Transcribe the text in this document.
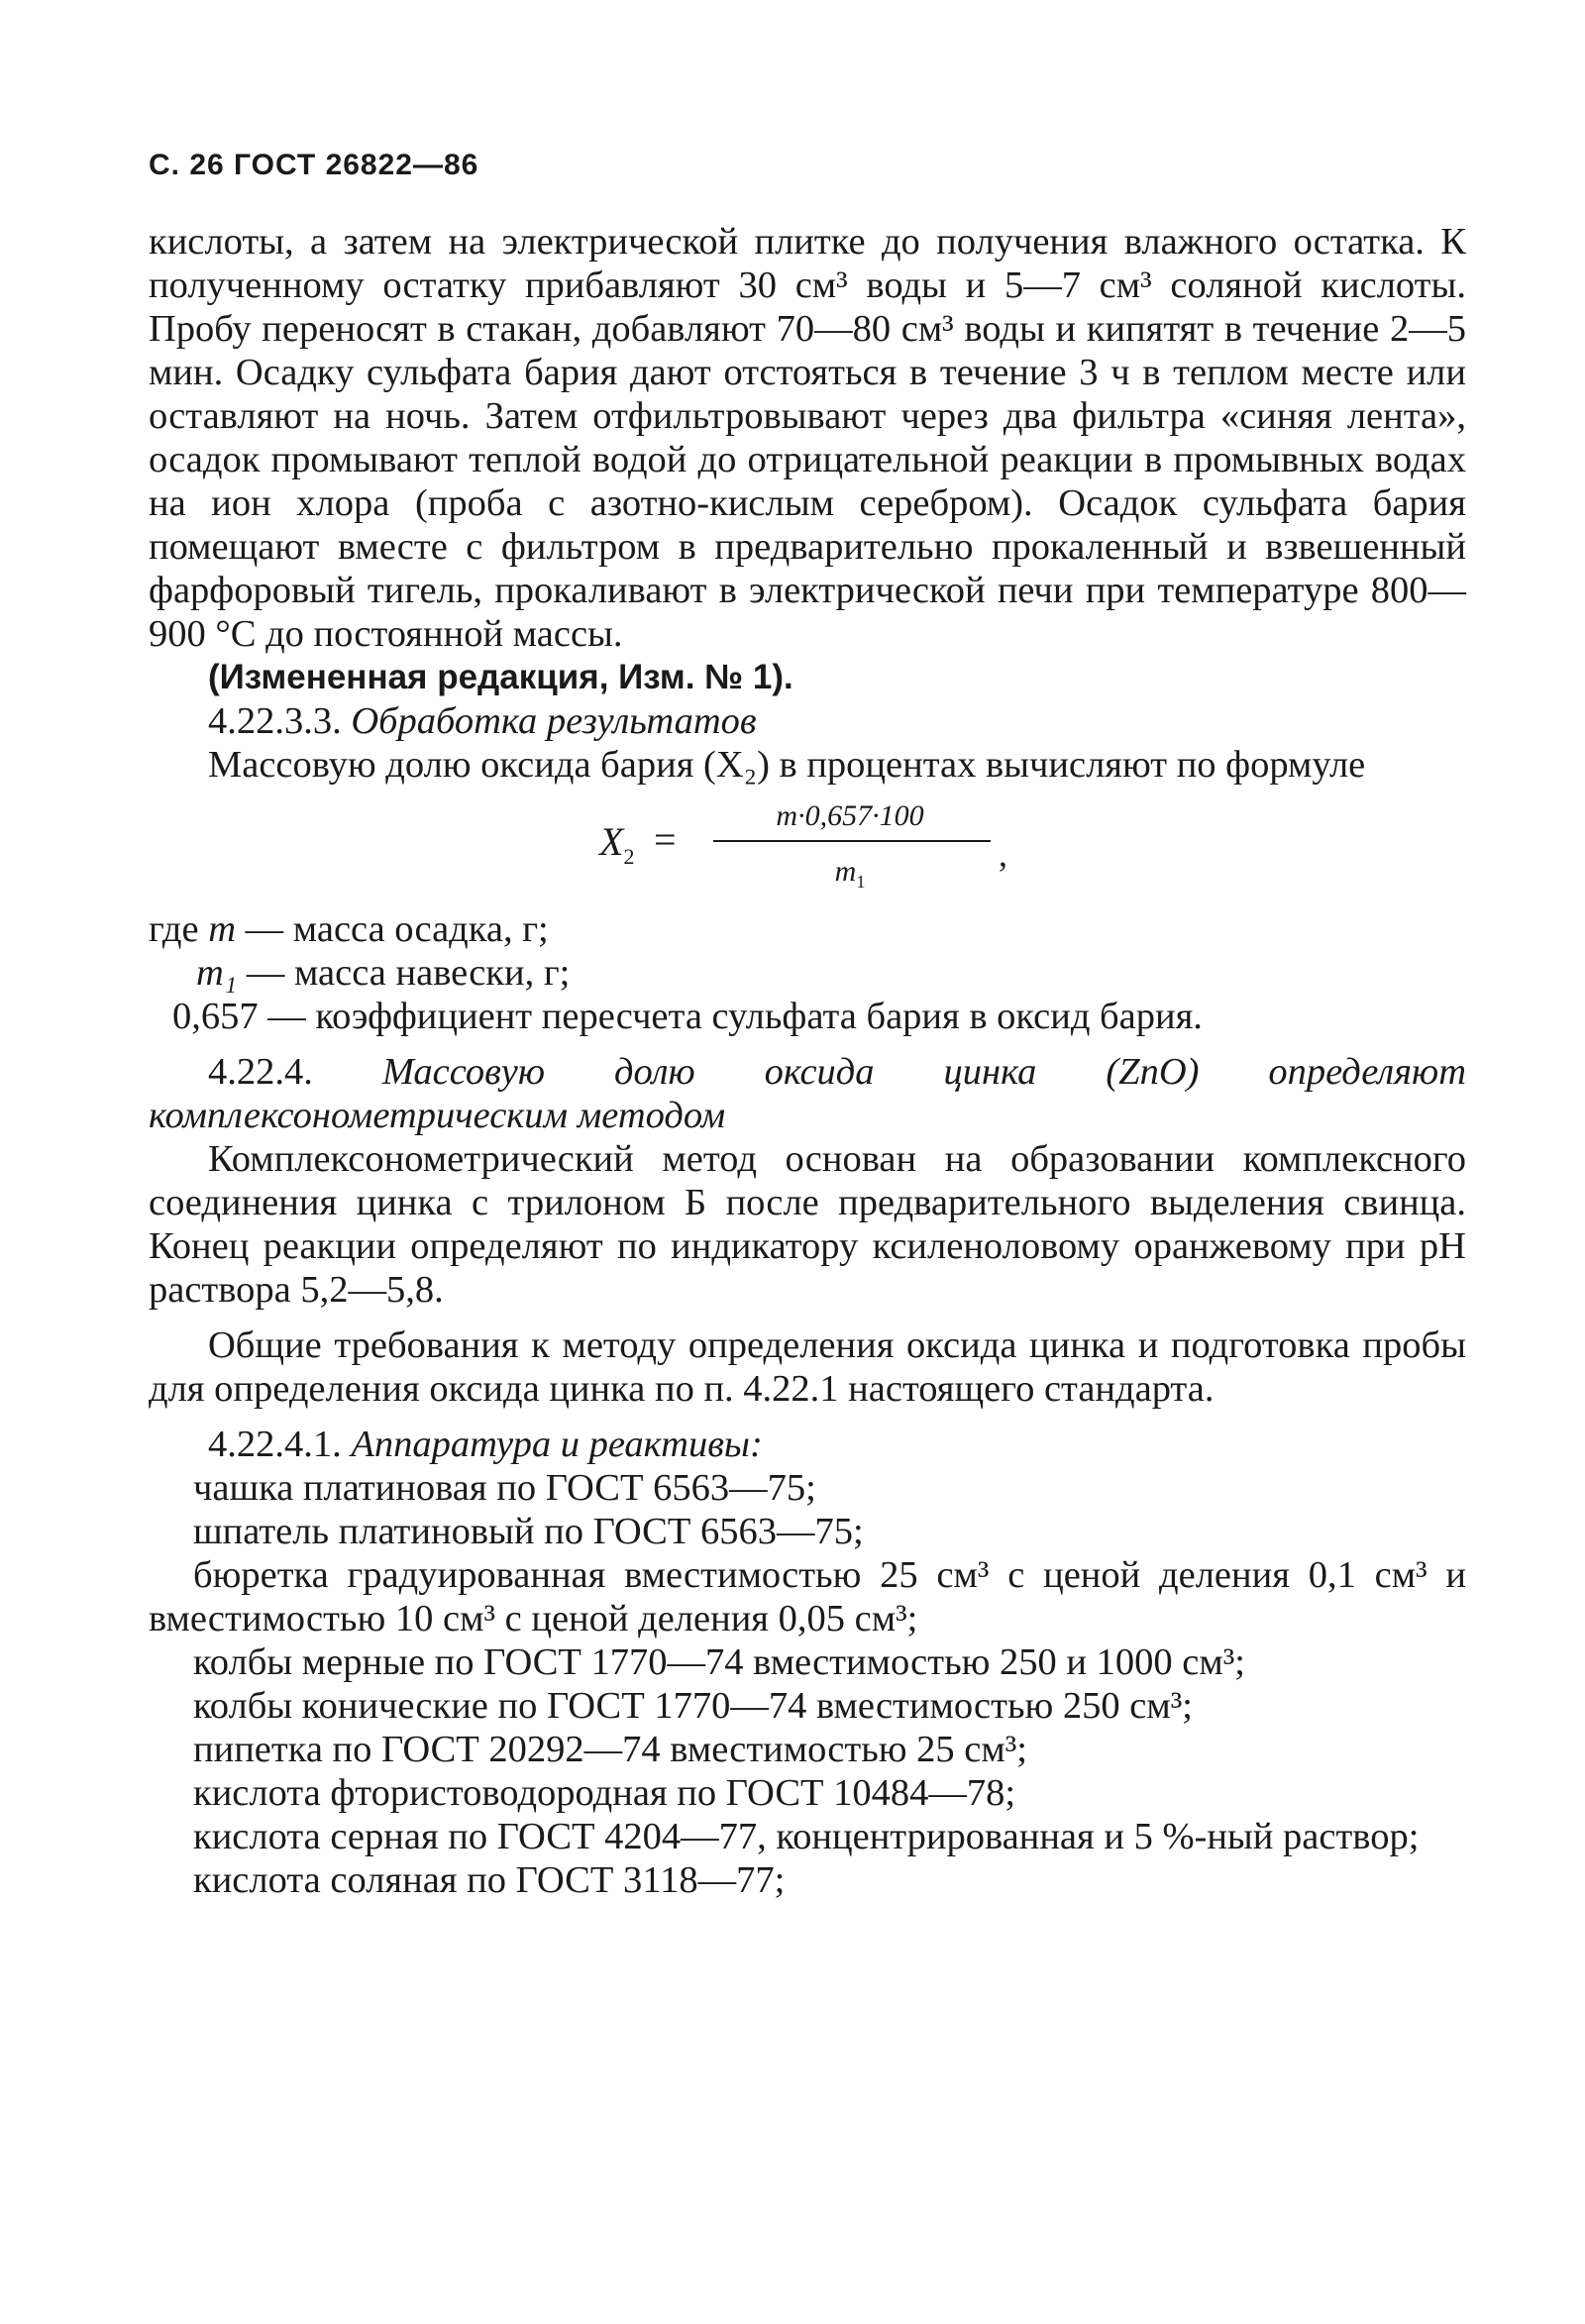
С. 26 ГОСТ 26822—86

кислоты, а затем на электрической плитке до получения влажного остатка. К полученному остатку прибавляют 30 см³ воды и 5—7 см³ соляной кислоты. Пробу переносят в стакан, добавляют 70—80 см³ воды и кипятят в течение 2—5 мин. Осадку сульфата бария дают отстояться в течение 3 ч в теплом месте или оставляют на ночь. Затем отфильтровывают через два фильтра «синяя лента», осадок промывают теплой водой до отрицательной реакции в промывных водах на ион хлора (проба с азотно-кислым серебром). Осадок сульфата бария помещают вместе с фильтром в предварительно прокаленный и взвешенный фарфоровый тигель, прокаливают в электрической печи при температуре 800—900 °С до постоянной массы.

(Измененная редакция, Изм. № 1).

4.22.3.3. Обработка результатов

Массовую долю оксида бария (X₂) в процентах вычисляют по формуле

$X_2$ =
m·0,657·100
$m_1$
,

где m — масса осадка, г;

m₁ — масса навески, г;

0,657 — коэффициент пересчета сульфата бария в оксид бария.

4.22.4. Массовую долю оксида цинка (ZnO) определяют комплексонометрическим методом

Комплексонометрический метод основан на образовании комплексного соединения цинка с трилоном Б после предварительного выделения свинца. Конец реакции определяют по индикатору ксиленоловому оранжевому при рН раствора 5,2—5,8.

Общие требования к методу определения оксида цинка и подготовка пробы для определения оксида цинка по п. 4.22.1 настоящего стандарта.

4.22.4.1. Аппаратура и реактивы:

чашка платиновая по ГОСТ 6563—75;

шпатель платиновый по ГОСТ 6563—75;

бюретка градуированная вместимостью 25 см³ с ценой деления 0,1 см³ и вместимостью 10 см³ с ценой деления 0,05 см³;

колбы мерные по ГОСТ 1770—74 вместимостью 250 и 1000 см³;

колбы конические по ГОСТ 1770—74 вместимостью 250 см³;

пипетка по ГОСТ 20292—74 вместимостью 25 см³;

кислота фтористоводородная по ГОСТ 10484—78;

кислота серная по ГОСТ 4204—77, концентрированная и 5 %-ный раствор;

кислота соляная по ГОСТ 3118—77;
